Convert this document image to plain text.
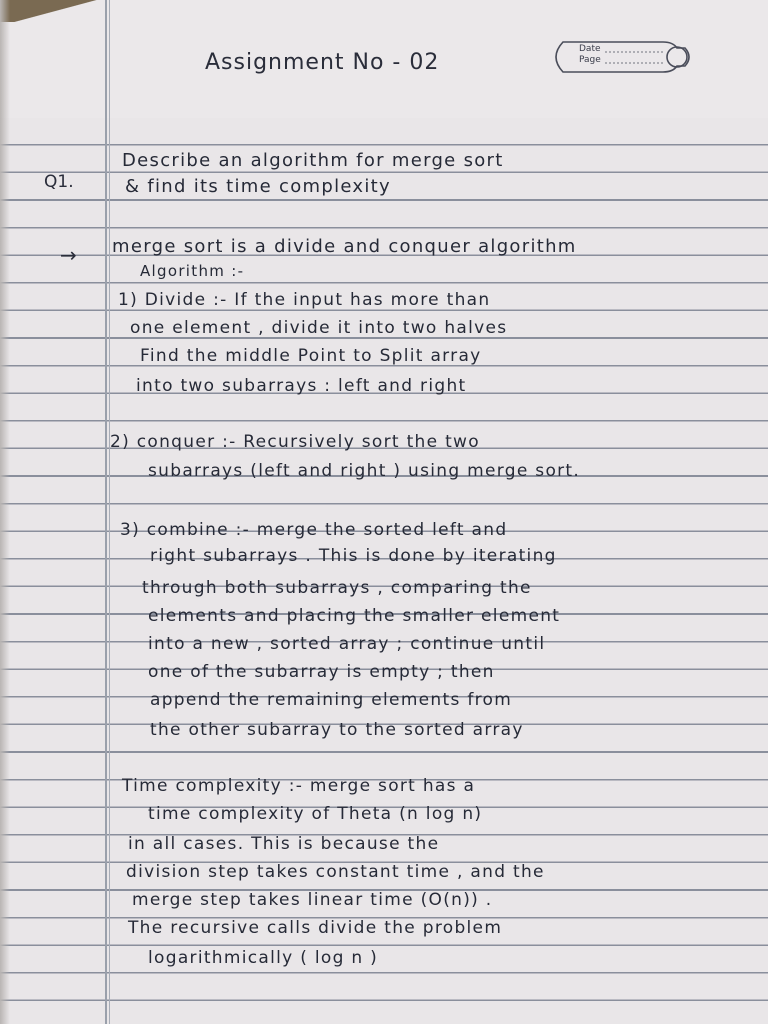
Assignment No - 02
Date
Page
Q1.
Describe an algorithm for merge sort
& find its time complexity
→ merge sort is a divide and conquer algorithm
Algorithm :-
1) Divide :- If the input has more than
one element , divide it into two halves
Find the middle Point to Split array
into two subarrays : left and right
2) conquer :- Recursively sort the two
subarrays (left and right ) using merge sort.
3) combine :- merge the sorted left and
right subarrays . This is done by iterating
through both subarrays , comparing the
elements and placing the smaller element
into a new , sorted array ; continue until
one of the subarray is empty ; then
append the remaining elements from
the other subarray to the sorted array
Time complexity :- merge sort has a
time complexity of Theta (n log n)
in all cases. This is because the
division step takes constant time , and the
merge step takes linear time (O(n)) .
The recursive calls divide the problem
logarithmically ( log n )
